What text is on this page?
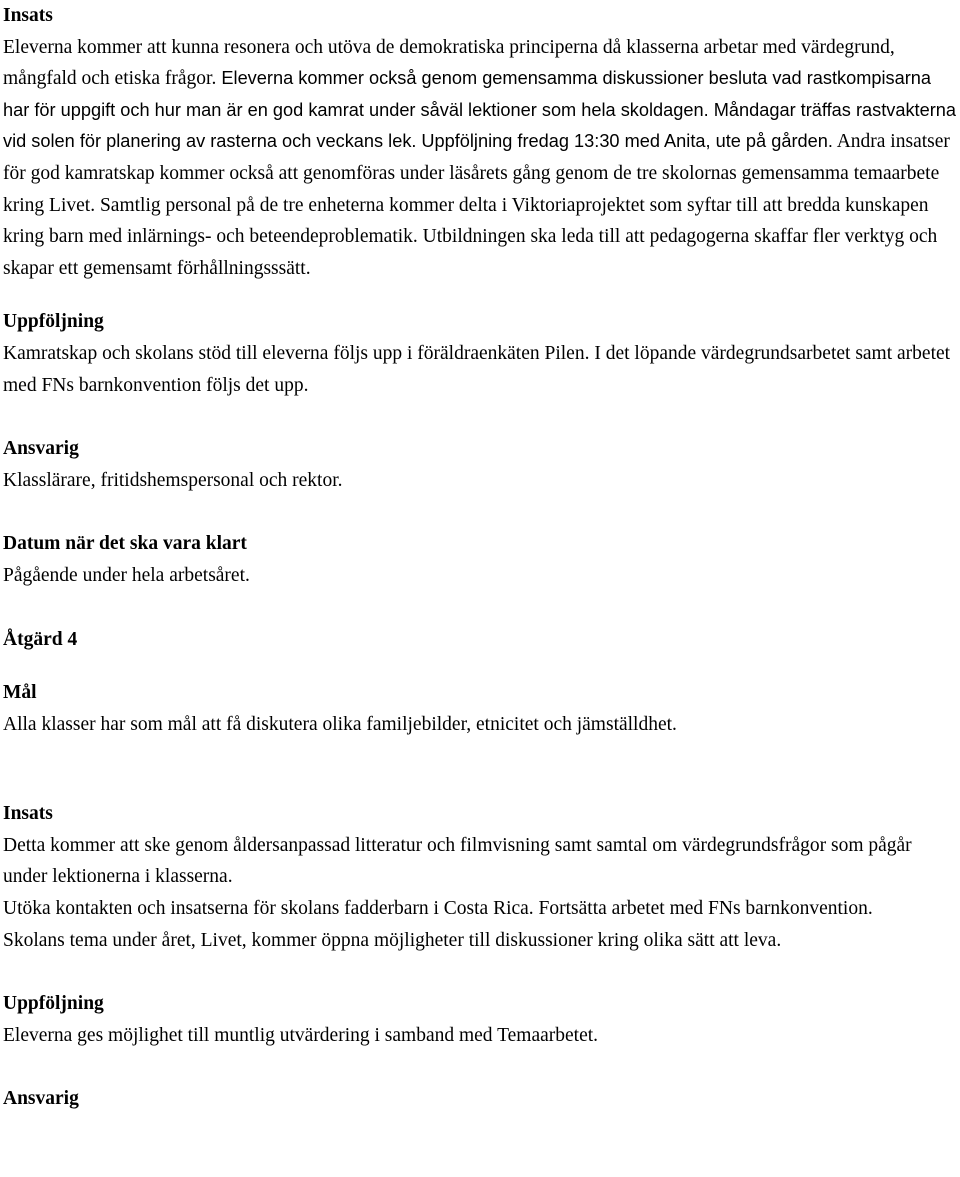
Insats
Eleverna kommer att kunna resonera och utöva de demokratiska principerna då klasserna arbetar med värdegrund, mångfald och etiska frågor. Eleverna kommer också genom gemensamma diskussioner besluta vad rastkompisarna har för uppgift och hur man är en god kamrat under såväl lektioner som hela skoldagen. Måndagar träffas rastvakterna vid solen för planering av rasterna och veckans lek. Uppföljning fredag 13:30 med Anita, ute på gården. Andra insatser för god kamratskap kommer också att genomföras under läsårets gång genom de tre skolornas gemensamma temaarbete kring Livet. Samtlig personal på de tre enheterna kommer delta i Viktoriaprojektet som syftar till att bredda kunskapen kring barn med inlärnings- och beteendeproblematik. Utbildningen ska leda till att pedagogerna skaffar fler verktyg och skapar ett gemensamt förhållningsssätt.
Uppföljning
Kamratskap och skolans stöd till eleverna följs upp i föräldraenkäten Pilen. I det löpande värdegrundsarbetet samt arbetet med FNs barnkonvention följs det upp.
Ansvarig
Klasslärare, fritidshemspersonal och rektor.
Datum när det ska vara klart
Pågående under hela arbetsåret.
Åtgärd 4
Mål
Alla klasser har som mål att få diskutera olika familjebilder, etnicitet och jämställdhet.
Insats
Detta kommer att ske genom åldersanpassad litteratur och filmvisning samt samtal om värdegrundsfrågor som pågår under lektionerna i klasserna.
Utöka kontakten och insatserna för skolans fadderbarn i Costa Rica. Fortsätta arbetet med FNs barnkonvention.
Skolans tema under året, Livet, kommer öppna möjligheter till diskussioner kring olika sätt att leva.
Uppföljning
Eleverna ges möjlighet till muntlig utvärdering i samband med Temaarbetet.
Ansvarig
